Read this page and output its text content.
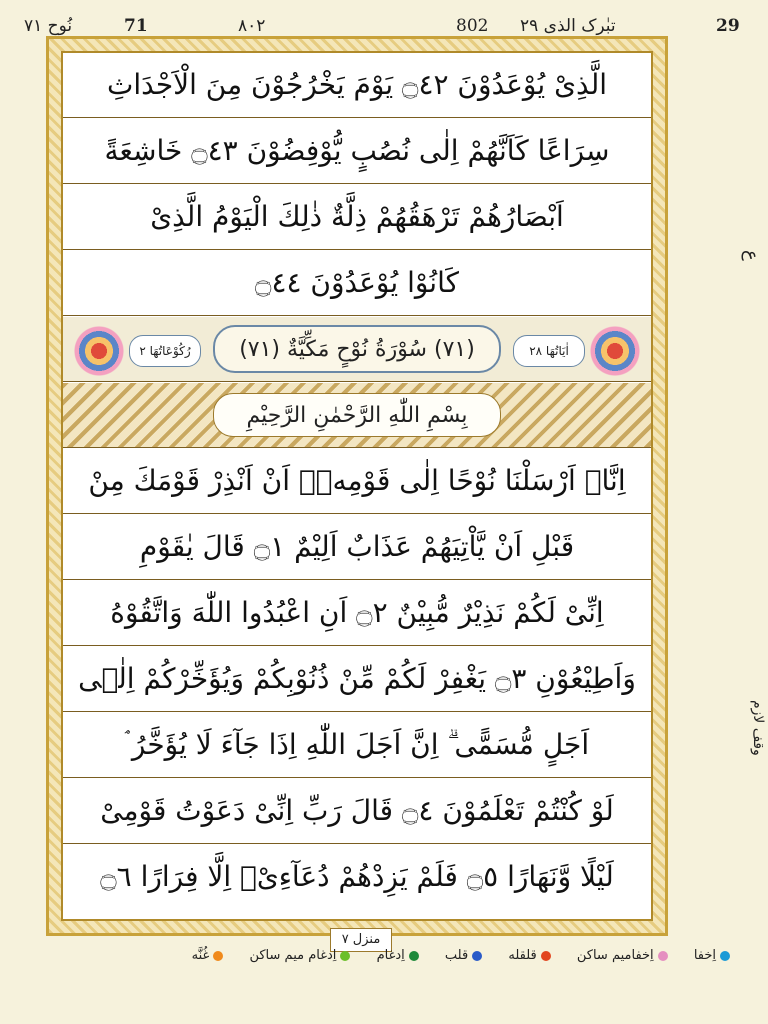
نُوح ٧١	71	٨٠٢	802 تبٰرک الذی ٢٩	29
الَّذِیْ یُوْعَدُوْنَ ۝٤٢ یَوْمَ یَخْرُجُوْنَ مِنَ الْاَجْدَاثِ
سِرَاعًا كَاَنَّهُمْ اِلٰی نُصُبٍ یُّوْفِضُوْنَ ۝٤٣ خَاشِعَةً
اَبْصَارُهُمْ تَرْهَقُهُمْ ذِلَّةٌ ذٰلِكَ الْیَوْمُ الَّذِیْ
كَانُوْا یُوْعَدُوْنَ ۝٤٤
اٰیَاتُهَا ٢٨
رُكُوْعَاتُهَا ٢	(٧١) سُوْرَةُ نُوْحٍ مَكِّیَّةٌ (٧١)
بِسْمِ اللّٰهِ الرَّحْمٰنِ الرَّحِیْمِ
اِنَّاۤ اَرْسَلْنَا نُوْحًا اِلٰی قَوْمِهٖۤ اَنْ اَنْذِرْ قَوْمَكَ مِنْ
قَبْلِ اَنْ یَّاْتِیَهُمْ عَذَابٌ اَلِیْمٌ ۝١ قَالَ یٰقَوْمِ
اِنِّیْ لَكُمْ نَذِیْرٌ مُّبِیْنٌ ۝٢ اَنِ اعْبُدُوا اللّٰهَ وَاتَّقُوْهُ
وَاَطِیْعُوْنِ ۝٣ یَغْفِرْ لَكُمْ مِّنْ ذُنُوْبِكُمْ وَیُؤَخِّرْكُمْ اِلٰۤی
اَجَلٍ مُّسَمًّی ۗ اِنَّ اَجَلَ اللّٰهِ اِذَا جَآءَ لَا یُؤَخَّرُ ۘ
لَوْ كُنْتُمْ تَعْلَمُوْنَ ۝٤ قَالَ رَبِّ اِنِّیْ دَعَوْتُ قَوْمِیْ
لَیْلًا وَّنَهَارًا ۝٥ فَلَمْ یَزِدْهُمْ دُعَآءِیْۤ اِلَّا فِرَارًا ۝٦
ع
وقف لازم
منزل ٧
اِخفا اِخفامیم ساكن قلقله قلب اِدغام اِدغام میم ساكن غُنَّه
